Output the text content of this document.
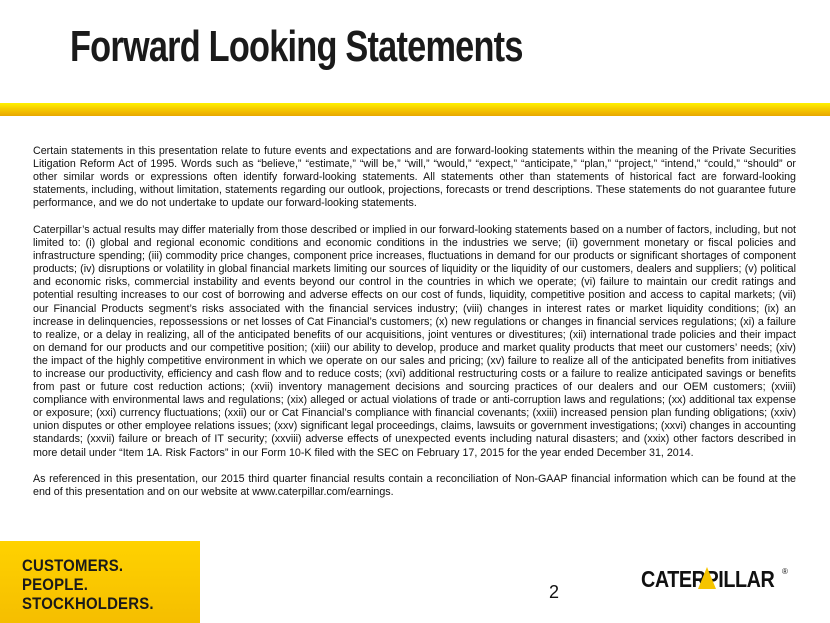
Forward Looking Statements

Certain statements in this presentation relate to future events and expectations and are forward-looking statements within the meaning of the Private Securities Litigation Reform Act of 1995. Words such as “believe,” “estimate,” “will be,” “will,” “would,” “expect,” “anticipate,” “plan,” “project,” “intend,” “could,” “should” or other similar words or expressions often identify forward-looking statements. All statements other than statements of historical fact are forward-looking statements, including, without limitation, statements regarding our outlook, projections, forecasts or trend descriptions. These statements do not guarantee future performance, and we do not undertake to update our forward-looking statements.

Caterpillar’s actual results may differ materially from those described or implied in our forward-looking statements based on a number of factors, including, but not limited to: (i) global and regional economic conditions and economic conditions in the industries we serve; (ii) government monetary or fiscal policies and infrastructure spending; (iii) commodity price changes, component price increases, fluctuations in demand for our products or significant shortages of component products; (iv) disruptions or volatility in global financial markets limiting our sources of liquidity or the liquidity of our customers, dealers and suppliers; (v) political and economic risks, commercial instability and events beyond our control in the countries in which we operate; (vi) failure to maintain our credit ratings and potential resulting increases to our cost of borrowing and adverse effects on our cost of funds, liquidity, competitive position and access to capital markets; (vii) our Financial Products segment’s risks associated with the financial services industry; (viii) changes in interest rates or market liquidity conditions; (ix) an increase in delinquencies, repossessions or net losses of Cat Financial’s customers; (x) new regulations or changes in financial services regulations; (xi) a failure to realize, or a delay in realizing, all of the anticipated benefits of our acquisitions, joint ventures or divestitures; (xii) international trade policies and their impact on demand for our products and our competitive position; (xiii) our ability to develop, produce and market quality products that meet our customers’ needs; (xiv) the impact of the highly competitive environment in which we operate on our sales and pricing; (xv) failure to realize all of the anticipated benefits from initiatives to increase our productivity, efficiency and cash flow and to reduce costs; (xvi) additional restructuring costs or a failure to realize anticipated savings or benefits from past or future cost reduction actions; (xvii) inventory management decisions and sourcing practices of our dealers and our OEM customers; (xviii) compliance with environmental laws and regulations; (xix) alleged or actual violations of trade or anti-corruption laws and regulations; (xx) additional tax expense or exposure; (xxi) currency fluctuations; (xxii) our or Cat Financial’s compliance with financial covenants; (xxiii) increased pension plan funding obligations; (xxiv) union disputes or other employee relations issues; (xxv) significant legal proceedings, claims, lawsuits or government investigations; (xxvi) changes in accounting standards; (xxvii) failure or breach of IT security; (xxviii) adverse effects of unexpected events including natural disasters; and (xxix) other factors described in more detail under “Item 1A. Risk Factors” in our Form 10-K filed with the SEC on February 17, 2015 for the year ended December 31, 2014.

As referenced in this presentation, our 2015 third quarter financial results contain a reconciliation of Non-GAAP financial information which can be found at the end of this presentation and on our website at www.caterpillar.com/earnings.

CUSTOMERS.
PEOPLE.
STOCKHOLDERS.
2	CATERPILLAR ®
